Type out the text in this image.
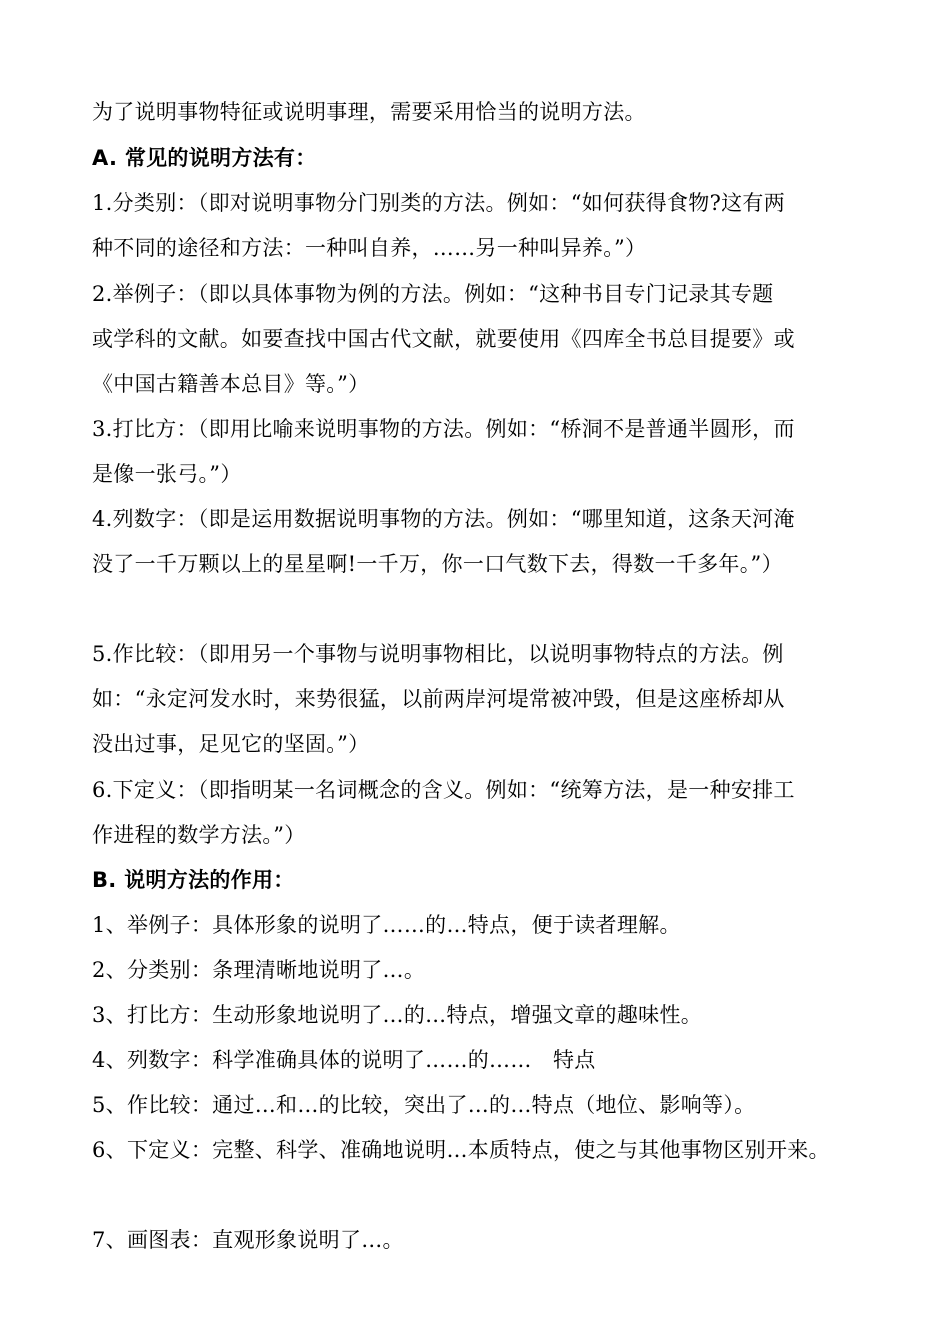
为了说明事物特征或说明事理，需要采用恰当的说明方法。
A. 常见的说明方法有：
1.分类别：（即对说明事物分门别类的方法。例如：“如何获得食物?这有两
种不同的途径和方法：一种叫自养，……另一种叫异养。”）
2.举例子：（即以具体事物为例的方法。例如：“这种书目专门记录其专题
或学科的文献。如要查找中国古代文献，就要使用《四库全书总目提要》或
《中国古籍善本总目》等。”）
3.打比方：（即用比喻来说明事物的方法。例如：“桥洞不是普通半圆形，而
是像一张弓。”）
4.列数字：（即是运用数据说明事物的方法。例如：“哪里知道，这条天河淹
没了一千万颗以上的星星啊!一千万，你一口气数下去，得数一千多年。”）
5.作比较：（即用另一个事物与说明事物相比，以说明事物特点的方法。例
如：“永定河发水时，来势很猛，以前两岸河堤常被冲毁，但是这座桥却从
没出过事，足见它的坚固。”）
6.下定义：（即指明某一名词概念的含义。例如：“统筹方法，是一种安排工
作进程的数学方法。”）
B. 说明方法的作用：
1、举例子：具体形象的说明了……的…特点，便于读者理解。
2、分类别：条理清晰地说明了…。
3、打比方：生动形象地说明了…的…特点，增强文章的趣味性。
4、列数字：科学准确具体的说明了……的……　特点
5、作比较：通过…和…的比较，突出了…的…特点（地位、影响等）。
6、下定义：完整、科学、准确地说明…本质特点，使之与其他事物区别开来。
7、画图表：直观形象说明了…。
